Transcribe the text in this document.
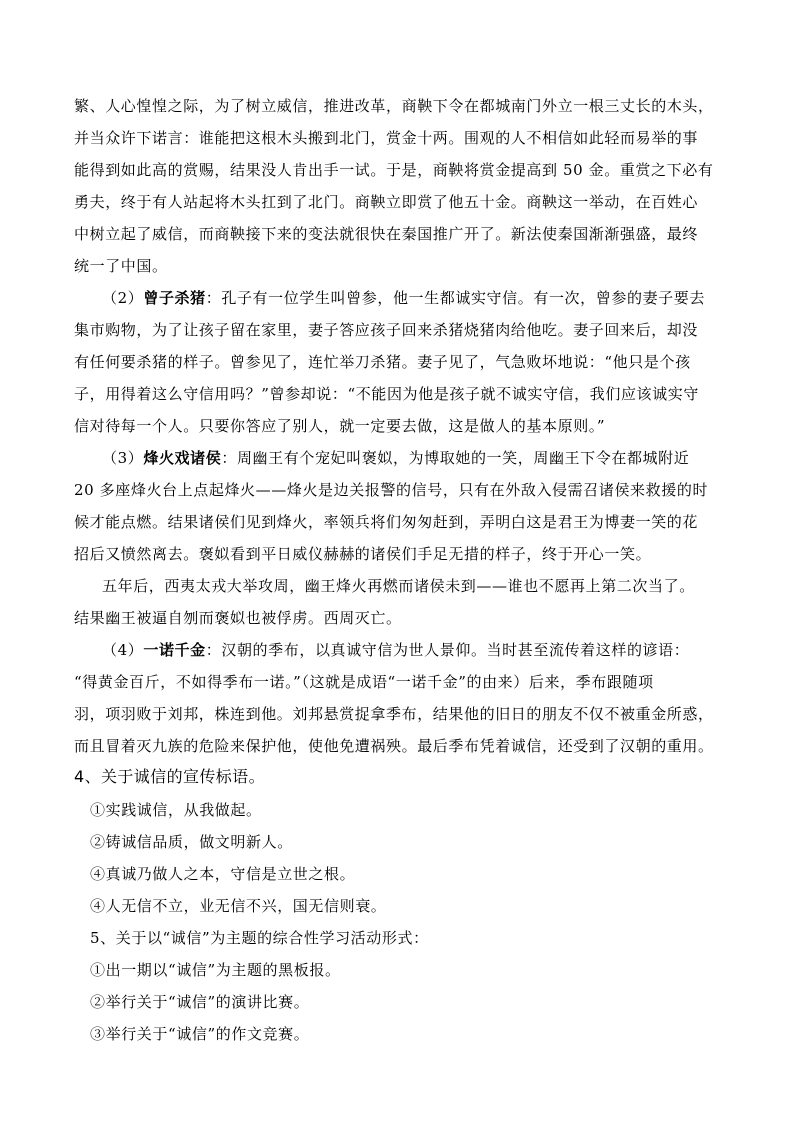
繁、人心惶惶之际，为了树立威信，推进改革，商鞅下令在都城南门外立一根三丈长的木头，
并当众许下诺言：谁能把这根木头搬到北门，赏金十两。围观的人不相信如此轻而易举的事
能得到如此高的赏赐，结果没人肯出手一试。于是，商鞅将赏金提高到 50 金。重赏之下必有
勇夫，终于有人站起将木头扛到了北门。商鞅立即赏了他五十金。商鞅这一举动，在百姓心
中树立起了威信，而商鞅接下来的变法就很快在秦国推广开了。新法使秦国渐渐强盛，最终
统一了中国。
（2）曾子杀猪：孔子有一位学生叫曾参，他一生都诚实守信。有一次，曾参的妻子要去
集市购物，为了让孩子留在家里，妻子答应孩子回来杀猪烧猪肉给他吃。妻子回来后，却没
有任何要杀猪的样子。曾参见了，连忙举刀杀猪。妻子见了，气急败坏地说：“他只是个孩
子，用得着这么守信用吗？”曾参却说：“不能因为他是孩子就不诚实守信，我们应该诚实守
信对待每一个人。只要你答应了别人，就一定要去做，这是做人的基本原则。”
（3）烽火戏诸侯：周幽王有个宠妃叫褒姒，为博取她的一笑，周幽王下令在都城附近
20 多座烽火台上点起烽火——烽火是边关报警的信号，只有在外敌入侵需召诸侯来救援的时
候才能点燃。结果诸侯们见到烽火，率领兵将们匆匆赶到，弄明白这是君王为博妻一笑的花
招后又愤然离去。褒姒看到平日威仪赫赫的诸侯们手足无措的样子，终于开心一笑。
五年后，西夷太戎大举攻周，幽王烽火再燃而诸侯未到——谁也不愿再上第二次当了。
结果幽王被逼自刎而褒姒也被俘虏。西周灭亡。
（4）一诺千金：汉朝的季布，以真诚守信为世人景仰。当时甚至流传着这样的谚语：
“得黄金百斤，不如得季布一诺。”（这就是成语“一诺千金”的由来）后来，季布跟随项
羽，项羽败于刘邦，株连到他。刘邦悬赏捉拿季布，结果他的旧日的朋友不仅不被重金所惑，
而且冒着灭九族的危险来保护他，使他免遭祸殃。最后季布凭着诚信，还受到了汉朝的重用。
4、关于诚信的宣传标语。
①实践诚信，从我做起。
②铸诚信品质，做文明新人。
④真诚乃做人之本，守信是立世之根。
④人无信不立，业无信不兴，国无信则衰。
5、关于以“诚信”为主题的综合性学习活动形式：
①出一期以“诚信”为主题的黑板报。
②举行关于“诚信”的演讲比赛。
③举行关于“诚信”的作文竞赛。
